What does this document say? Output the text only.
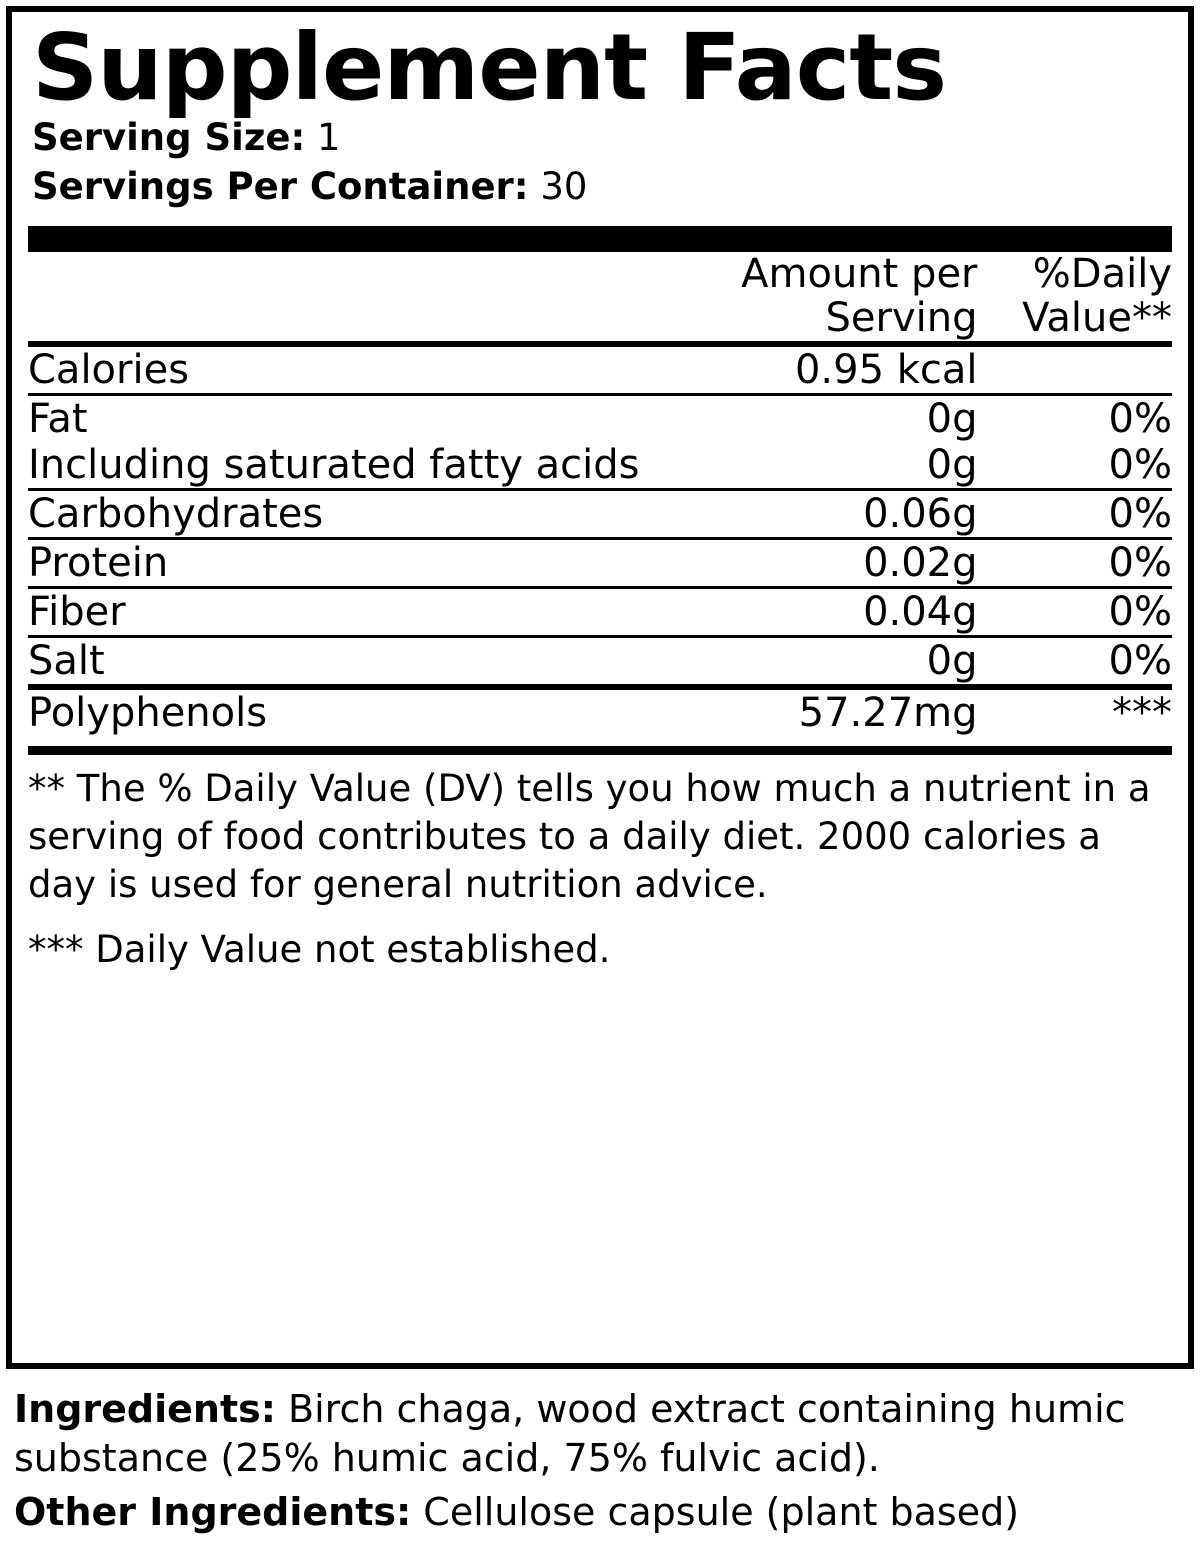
Supplement Facts
Serving Size: 1
Servings Per Container: 30

Amount per
Serving

%Daily
Value**

Calories	0.95 kcal	

Fat	0g	0%
Including saturated fatty acids	0g	0%

Carbohydrates	0.06g	0%

Protein	0.02g	0%

Fiber	0.04g	0%

Salt	0g	0%

Polyphenols	57.27mg	***
** The % Daily Value (DV) tells you how much a nutrient in a serving of food contributes to a daily diet. 2000 calories a day is used for general nutrition advice.
*** Daily Value not established.
Ingredients: Birch chaga, wood extract containing humic substance (25% humic acid, 75% fulvic acid).
Other Ingredients: Cellulose capsule (plant based)
